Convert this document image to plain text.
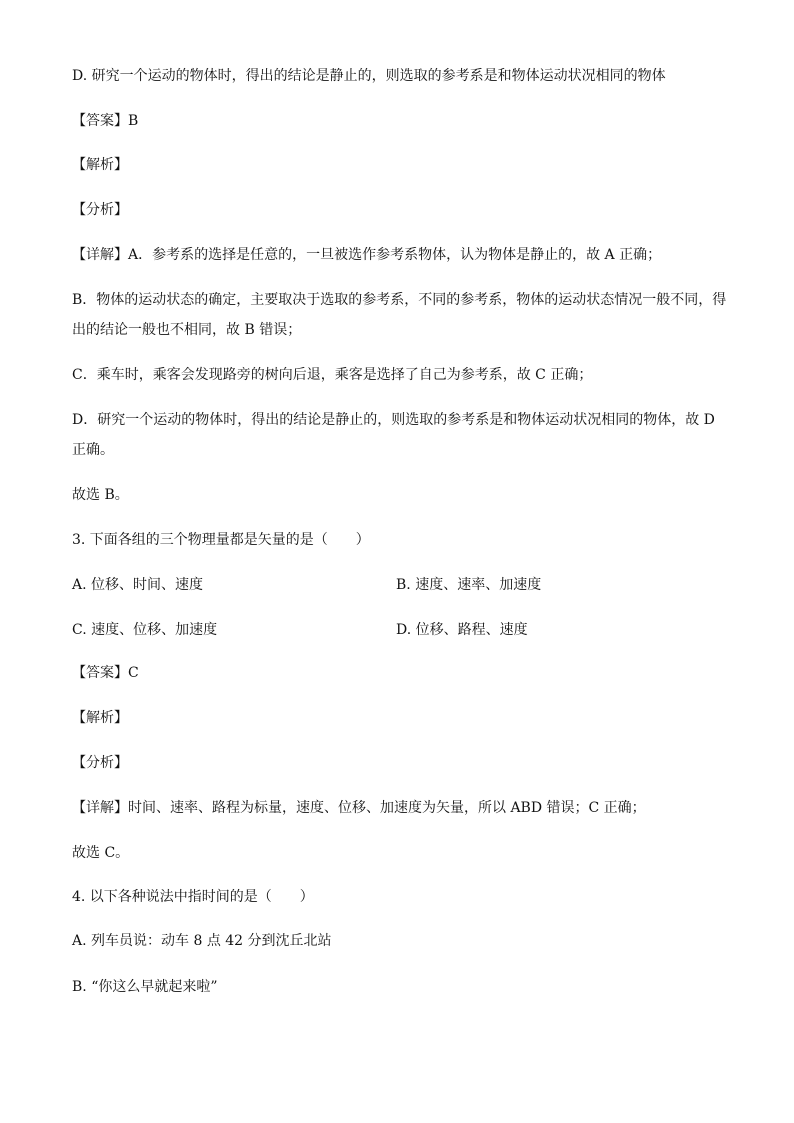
D. 研究一个运动的物体时，得出的结论是静止的，则选取的参考系是和物体运动状况相同的物体

【答案】B

【解析】

【分析】

【详解】A．参考系的选择是任意的，一旦被选作参考系物体，认为物体是静止的，故 A 正确；

B．物体的运动状态的确定，主要取决于选取的参考系，不同的参考系，物体的运动状态情况一般不同，得

出的结论一般也不相同，故 B 错误；

C．乘车时，乘客会发现路旁的树向后退，乘客是选择了自己为参考系，故 C 正确；

D．研究一个运动的物体时，得出的结论是静止的，则选取的参考系是和物体运动状况相同的物体，故 D

正确。

故选 B。

3. 下面各组的三个物理量都是矢量的是（　　）

A. 位移、时间、速度	B. 速度、速率、加速度

C. 速度、位移、加速度	D. 位移、路程、速度

【答案】C

【解析】

【分析】

【详解】时间、速率、路程为标量，速度、位移、加速度为矢量，所以 ABD 错误；C 正确；

故选 C。

4. 以下各种说法中指时间的是（　　）

A. 列车员说：动车 8 点 42 分到沈丘北站

B. “你这么早就起来啦”
